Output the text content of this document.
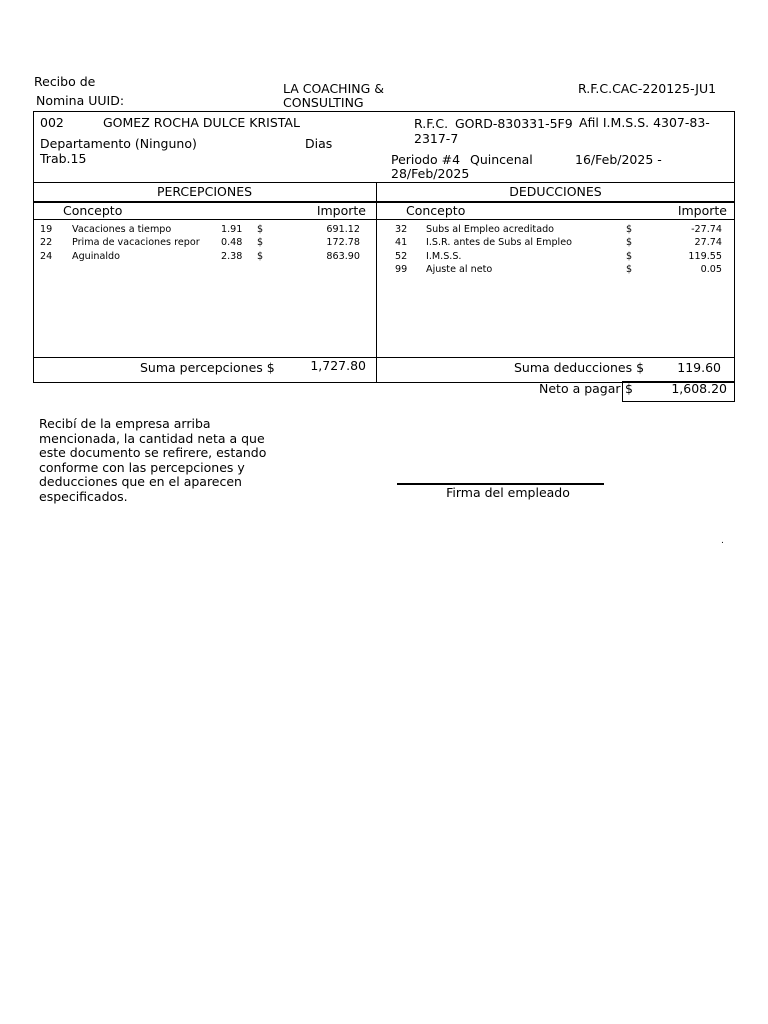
Recibo de
Nomina UUID:
LA COACHING &
CONSULTING
R.F.C.CAC-220125-JU1
002	GOMEZ ROCHA DULCE KRISTAL	R.F.C. GORD-830331-5F9 Afil I.M.S.S. 4307-83-
2317-7
Departamento (Ninguno)	Dias
Trab.15	Periodo #4 Quincenal	16/Feb/2025 -
28/Feb/2025
PERCEPCIONES	DEDUCCIONES
Concepto	Importe	Concepto	Importe
19 Vacaciones a tiempo	1.91 $	691.12
22 Prima de vacaciones repor 0.48 $	172.78
24 Aguinaldo	2.38 $	863.90
32 Subs al Empleo acreditado	$	-27.74
41 I.S.R. antes de Subs al Empleo	$	27.74
52 I.M.S.S.	$	119.55
99 Ajuste al neto	$	0.05
Suma percepciones $	1,727.80	Suma deducciones $	119.60
Neto a pagar $	1,608.20
Recibí de la empresa arriba mencionada, la cantidad neta a que este documento se refirere, estando conforme con las percepciones y deducciones que en el aparecen especificados.	Firma del empleado
.
